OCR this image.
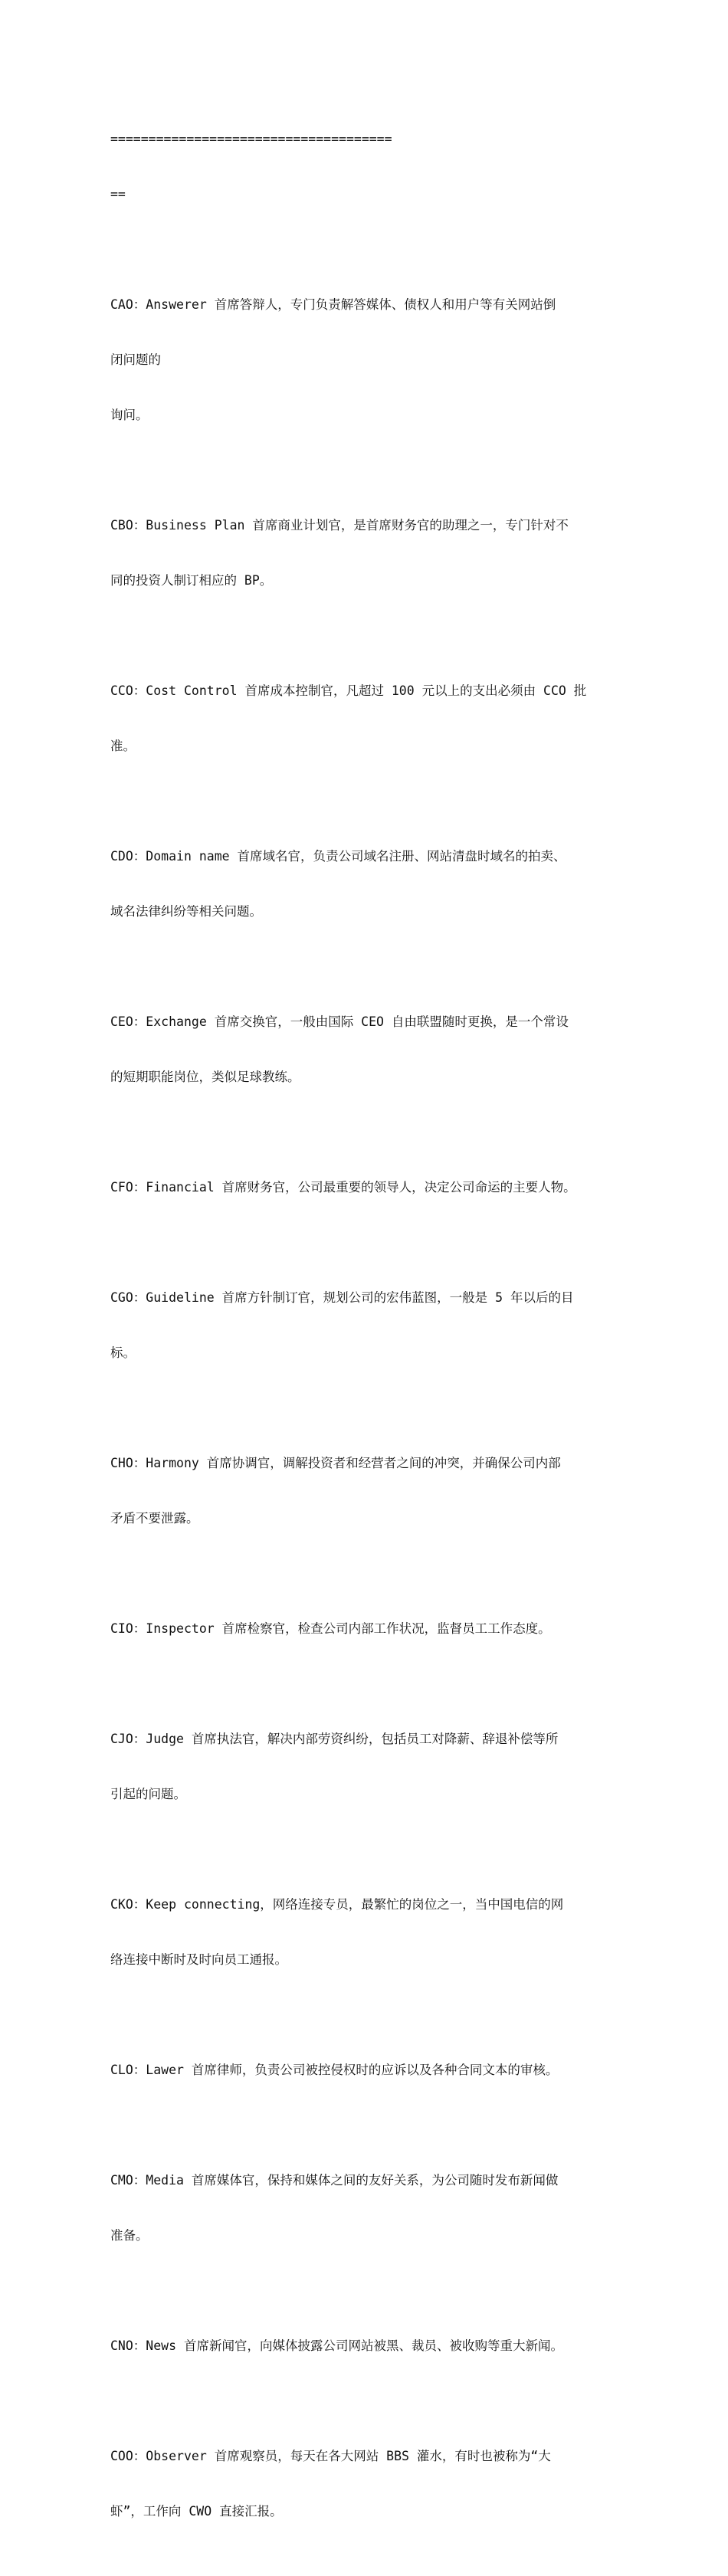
=====================================

==

CAO：Answerer 首席答辩人，专门负责解答媒体、债权人和用户等有关网站倒

闭问题的

询问。

CBO：Business Plan 首席商业计划官，是首席财务官的助理之一，专门针对不

同的投资人制订相应的 BP。

CCO：Cost Control 首席成本控制官，凡超过 100 元以上的支出必须由 CCO 批

准。

CDO：Domain name 首席域名官，负责公司域名注册、网站清盘时域名的拍卖、

域名法律纠纷等相关问题。

CEO：Exchange 首席交换官，一般由国际 CEO 自由联盟随时更换，是一个常设

的短期职能岗位，类似足球教练。

CFO：Financial 首席财务官，公司最重要的领导人，决定公司命运的主要人物。

CGO：Guideline 首席方针制订官，规划公司的宏伟蓝图，一般是 5 年以后的目

标。

CHO：Harmony 首席协调官，调解投资者和经营者之间的冲突，并确保公司内部

矛盾不要泄露。

CIO：Inspector 首席检察官，检查公司内部工作状况，监督员工工作态度。

CJO：Judge 首席执法官，解决内部劳资纠纷，包括员工对降薪、辞退补偿等所

引起的问题。

CKO：Keep connecting，网络连接专员，最繁忙的岗位之一，当中国电信的网

络连接中断时及时向员工通报。

CLO：Lawer 首席律师，负责公司被控侵权时的应诉以及各种合同文本的审核。

CMO：Media 首席媒体官，保持和媒体之间的友好关系，为公司随时发布新闻做

准备。

CNO：News 首席新闻官，向媒体披露公司网站被黑、裁员、被收购等重大新闻。

COO：Observer 首席观察员，每天在各大网站 BBS 灌水，有时也被称为“大

虾”，工作向 CWO 直接汇报。
